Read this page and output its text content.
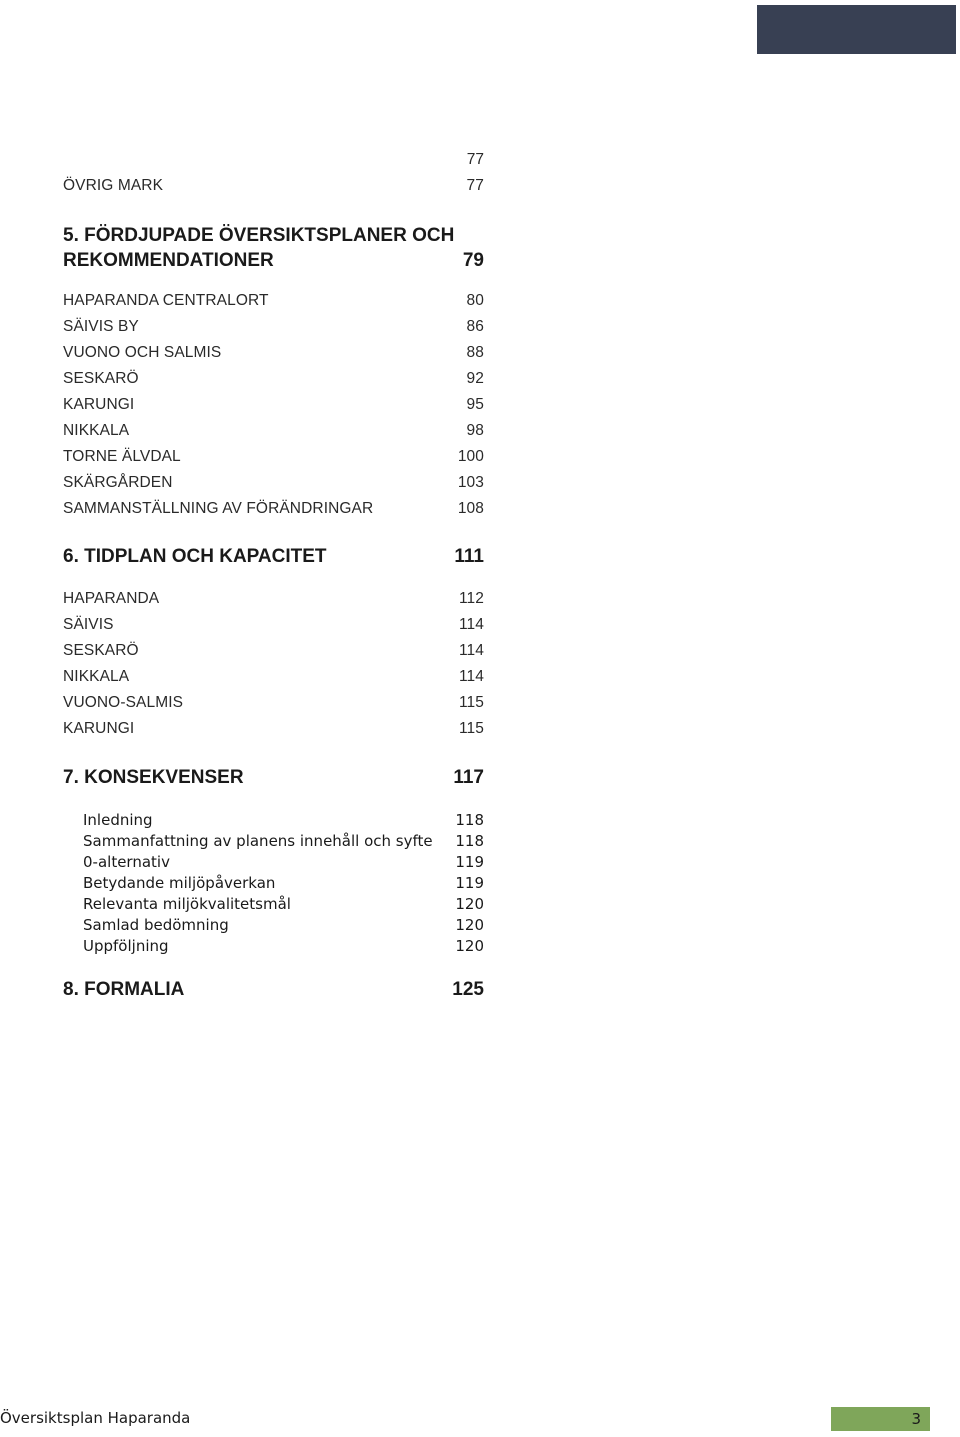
77
ÖVRIG MARK	77
5. FÖRDJUPADE ÖVERSIKTSPLANER OCH
REKOMMENDATIONER	79
HAPARANDA CENTRALORT	80
SÄIVIS BY	86
VUONO OCH SALMIS	88
SESKARÖ	92
KARUNGI	95
NIKKALA	98
TORNE ÄLVDAL	100
SKÄRGÅRDEN	103
SAMMANSTÄLLNING AV FÖRÄNDRINGAR	108
6. TIDPLAN OCH KAPACITET	111
HAPARANDA	112
SÄIVIS	114
SESKARÖ	114
NIKKALA	114
VUONO-SALMIS	115
KARUNGI	115
7. KONSEKVENSER	117
Inledning	118
Sammanfattning av planens innehåll och syfte 118
0-alternativ	119
Betydande miljöpåverkan	119
Relevanta miljökvalitetsmål	120
Samlad bedömning	120
Uppföljning	120
8. FORMALIA	125
Översiktsplan Haparanda	3
